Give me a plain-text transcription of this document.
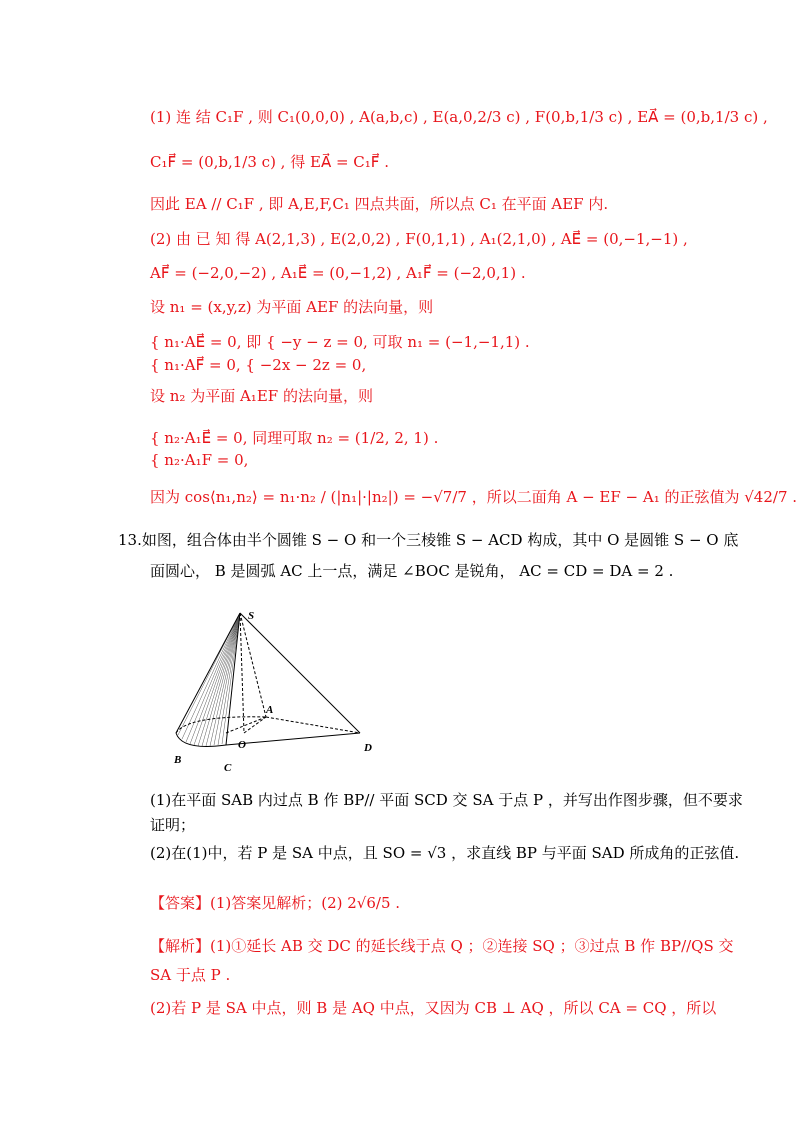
(1) 连 结 C₁F , 则 C₁(0,0,0) , A(a,b,c) , E(a,0,2/3 c) , F(0,b,1/3 c) , EA⃗ = (0,b,1/3 c) ,
C₁F⃗ = (0,b,1/3 c) , 得 EA⃗ = C₁F⃗ .
因此 EA // C₁F , 即 A,E,F,C₁ 四点共面，所以点 C₁ 在平面 AEF 内.
(2) 由 已 知 得 A(2,1,3) , E(2,0,2) , F(0,1,1) , A₁(2,1,0) , AE⃗ = (0,−1,−1) ,
AF⃗ = (−2,0,−2) , A₁E⃗ = (0,−1,2) , A₁F⃗ = (−2,0,1) .
设 n₁ = (x,y,z) 为平面 AEF 的法向量，则
{ n₁·AE⃗ = 0, 即 { −y − z = 0, 可取 n₁ = (−1,−1,1) .
{ n₁·AF⃗ = 0, { −2x − 2z = 0,
设 n₂ 为平面 A₁EF 的法向量，则
{ n₂·A₁E⃗ = 0, 同理可取 n₂ = (1/2, 2, 1) .
{ n₂·A₁F = 0,
因为 cos⟨n₁,n₂⟩ = n₁·n₂ / (|n₁|·|n₂|) = −√7/7 ，所以二面角 A − EF − A₁ 的正弦值为 √42/7 .
13.如图，组合体由半个圆锥 S − O 和一个三棱锥 S − ACD 构成，其中 O 是圆锥 S − O 底
面圆心， B 是圆弧 AC 上一点，满足 ∠BOC 是锐角， AC = CD = DA = 2 .
S
A
O
B
C
D
(1)在平面 SAB 内过点 B 作 BP// 平面 SCD 交 SA 于点 P ，并写出作图步骤，但不要求
证明；
(2)在(1)中，若 P 是 SA 中点，且 SO = √3 ，求直线 BP 与平面 SAD 所成角的正弦值.
【答案】(1)答案见解析；(2) 2√6/5 .
【解析】(1)①延长 AB 交 DC 的延长线于点 Q ；②连接 SQ ；③过点 B 作 BP//QS 交
SA 于点 P .
(2)若 P 是 SA 中点，则 B 是 AQ 中点，又因为 CB ⊥ AQ ，所以 CA = CQ ，所以
